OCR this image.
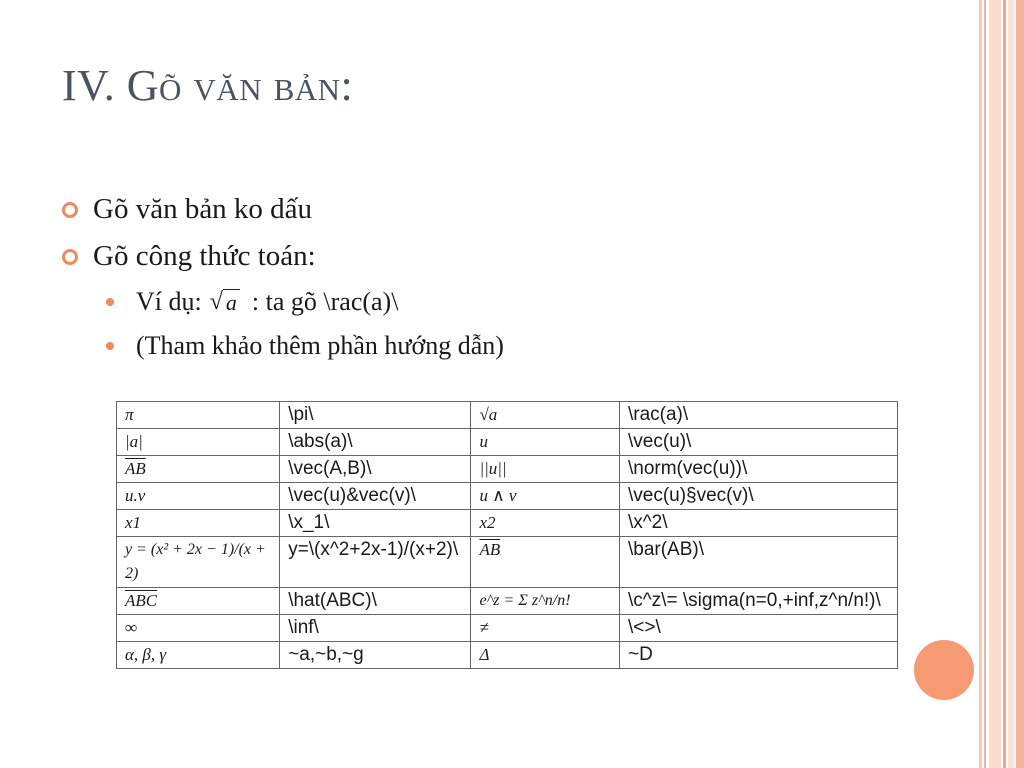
IV. Gõ văn bản:
Gõ văn bản ko dấu
Gõ công thức toán:
Ví dụ: √ a : ta gõ \rac(a)\
(Tham khảo thêm phần hướng dẫn)
π	\pi\	√a	\rac(a)\
|a|	\abs(a)\	u	\vec(u)\
$\overline{AB}$	\vec(A,B)\	||u||	\norm(vec(u))\
u.v	\vec(u)&vec(v)\	u ∧ v	\vec(u)§vec(v)\
x1	\x_1\	x2	\x^2\
y = (x² + 2x − 1)/(x + 2)	y=\(x^2+2x-1)/(x+2)\	$\overline{AB}$	\bar(AB)\
$\overline{ABC}$	\hat(ABC)\	e^z = Σ z^n/n!	\c^z\= \sigma(n=0,+inf,z^n/n!)\
∞	\inf\	≠	\<>\
α, β, γ	~a,~b,~g	Δ	~D
